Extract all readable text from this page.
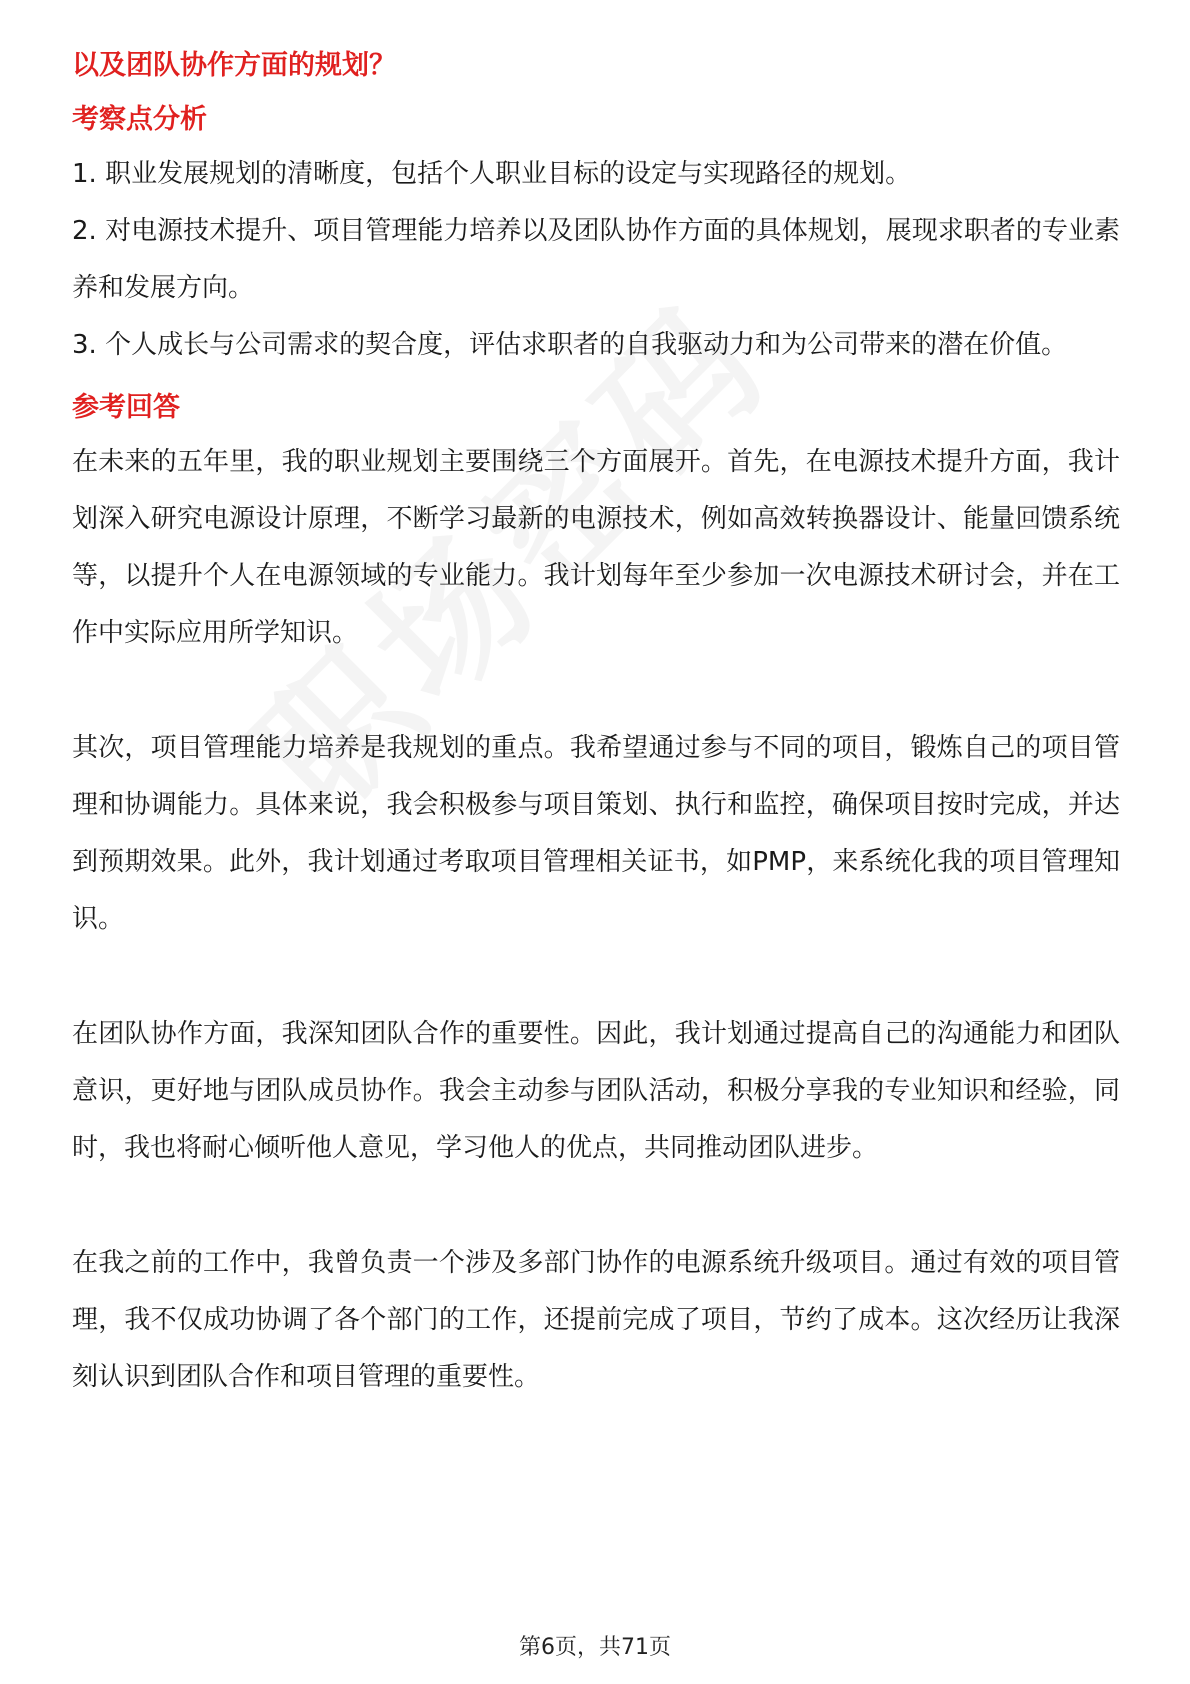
以及团队协作方面的规划？

考察点分析

1. 职业发展规划的清晰度，包括个人职业目标的设定与实现路径的规划。

2. 对电源技术提升、项目管理能力培养以及团队协作方面的具体规划，展现求职者的专业素养和发展方向。

3. 个人成长与公司需求的契合度，评估求职者的自我驱动力和为公司带来的潜在价值。

参考回答

在未来的五年里，我的职业规划主要围绕三个方面展开。首先，在电源技术提升方面，我计划深入研究电源设计原理，不断学习最新的电源技术，例如高效转换器设计、能量回馈系统等，以提升个人在电源领域的专业能力。我计划每年至少参加一次电源技术研讨会，并在工作中实际应用所学知识。

其次，项目管理能力培养是我规划的重点。我希望通过参与不同的项目，锻炼自己的项目管理和协调能力。具体来说，我会积极参与项目策划、执行和监控，确保项目按时完成，并达到预期效果。此外，我计划通过考取项目管理相关证书，如PMP，来系统化我的项目管理知识。

在团队协作方面，我深知团队合作的重要性。因此，我计划通过提高自己的沟通能力和团队意识，更好地与团队成员协作。我会主动参与团队活动，积极分享我的专业知识和经验，同时，我也将耐心倾听他人意见，学习他人的优点，共同推动团队进步。

在我之前的工作中，我曾负责一个涉及多部门协作的电源系统升级项目。通过有效的项目管理，我不仅成功协调了各个部门的工作，还提前完成了项目，节约了成本。这次经历让我深刻认识到团队合作和项目管理的重要性。

第6页，共71页
